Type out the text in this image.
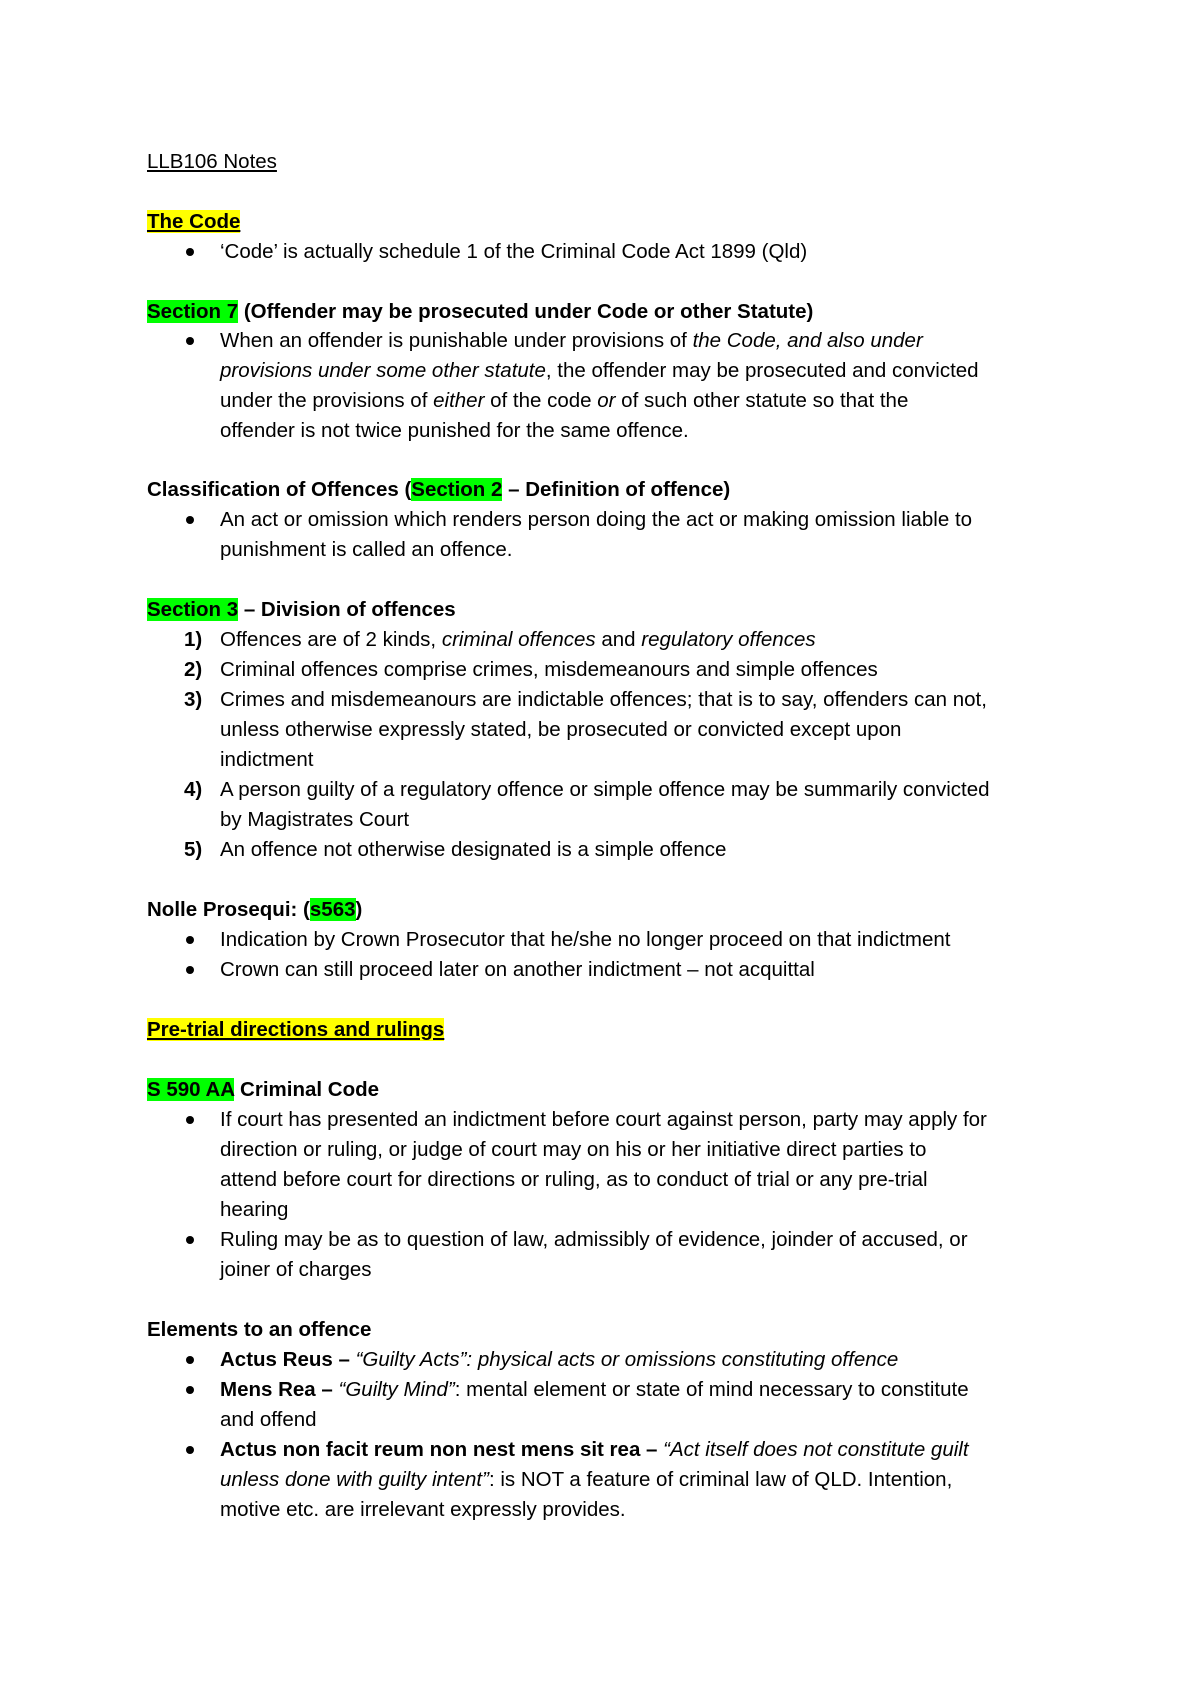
LLB106 Notes
The Code
‘Code’ is actually schedule 1 of the Criminal Code Act 1899 (Qld)
Section 7 (Offender may be prosecuted under Code or other Statute)
When an offender is punishable under provisions of the Code, and also under
provisions under some other statute, the offender may be prosecuted and convicted
under the provisions of either of the code or of such other statute so that the
offender is not twice punished for the same offence.
Classification of Offences (Section 2 – Definition of offence)
An act or omission which renders person doing the act or making omission liable to
punishment is called an offence.
Section 3 – Division of offences
1) Offences are of 2 kinds, criminal offences and regulatory offences
2) Criminal offences comprise crimes, misdemeanours and simple offences
3) Crimes and misdemeanours are indictable offences; that is to say, offenders can not,
unless otherwise expressly stated, be prosecuted or convicted except upon
indictment
4) A person guilty of a regulatory offence or simple offence may be summarily convicted
by Magistrates Court
5) An offence not otherwise designated is a simple offence
Nolle Prosequi: (s563)
Indication by Crown Prosecutor that he/she no longer proceed on that indictment
Crown can still proceed later on another indictment – not acquittal
Pre-trial directions and rulings
S 590 AA Criminal Code
If court has presented an indictment before court against person, party may apply for
direction or ruling, or judge of court may on his or her initiative direct parties to
attend before court for directions or ruling, as to conduct of trial or any pre-trial
hearing
Ruling may be as to question of law, admissibly of evidence, joinder of accused, or
joiner of charges
Elements to an offence
Actus Reus – “Guilty Acts”: physical acts or omissions constituting offence
Mens Rea – “Guilty Mind”: mental element or state of mind necessary to constitute
and offend
Actus non facit reum non nest mens sit rea – “Act itself does not constitute guilt
unless done with guilty intent”: is NOT a feature of criminal law of QLD. Intention,
motive etc. are irrelevant expressly provides.
